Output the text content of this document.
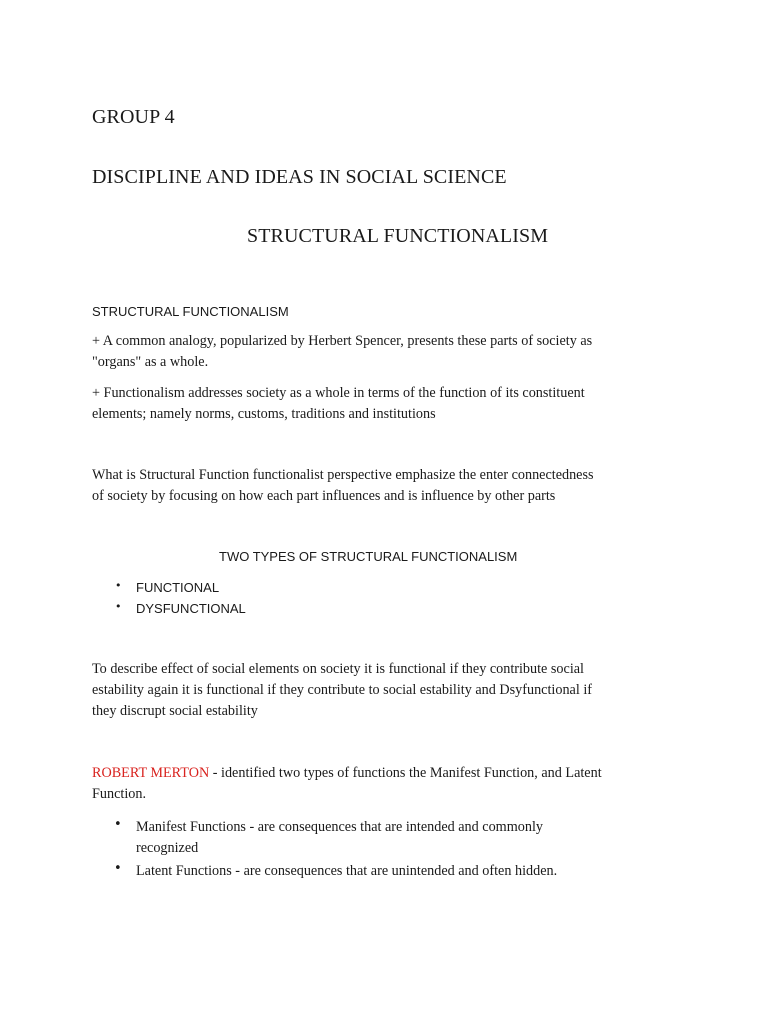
GROUP 4
DISCIPLINE AND IDEAS IN SOCIAL SCIENCE
STRUCTURAL FUNCTIONALISM
STRUCTURAL FUNCTIONALISM
+ A common analogy, popularized by Herbert Spencer, presents these parts of society as
"organs" as a whole.
+ Functionalism addresses society as a whole in terms of the function of its constituent
elements; namely norms, customs, traditions and institutions
What is Structural Function functionalist perspective emphasize the enter connectedness
of society by focusing on how each part influences and is influence by other parts
TWO TYPES OF STRUCTURAL FUNCTIONALISM
• FUNCTIONAL
• DYSFUNCTIONAL
To describe effect of social elements on society it is functional if they contribute social
estability again it is functional if they contribute to social estability and Dsyfunctional if
they discrupt social estability
ROBERT MERTON - identified two types of functions the Manifest Function, and Latent
Function.
• Manifest Functions - are consequences that are intended and commonly
recognized
• Latent Functions - are consequences that are unintended and often hidden.
